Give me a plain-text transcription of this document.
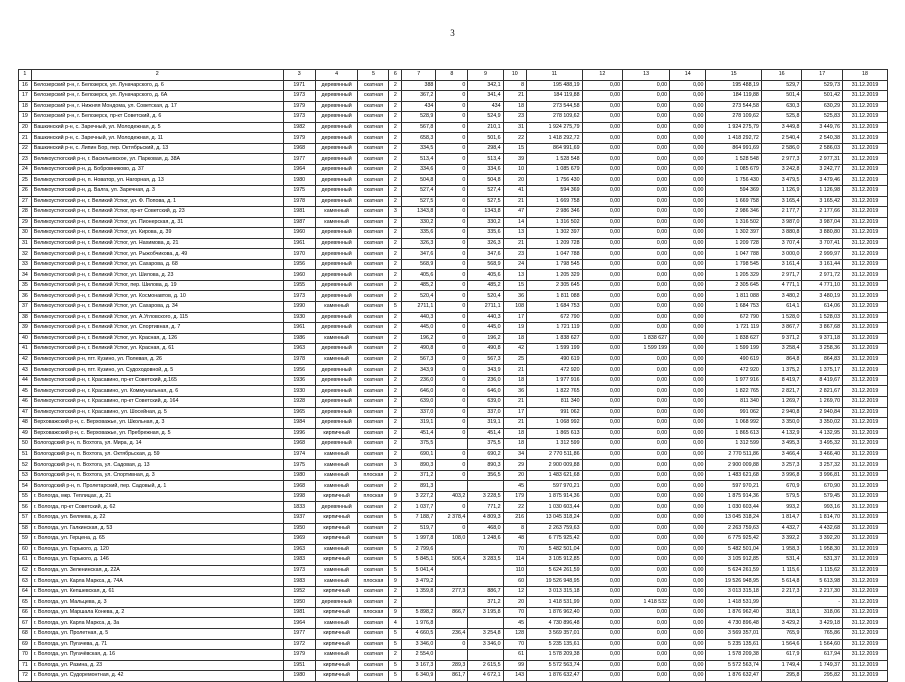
3
1	2	3	4	5	6	7	8	9	10	11	12	13	14	15	16	17	18
16	Белозерский р-н, г. Белозерск, ул. Луначарского, д. 6	1971	деревянный	скатная	2	388	0	342,1	8	195 488,19	0,00	0,00	0,00	195 488,19	529,7	529,73	31.12.2019
17	Белозерский р-н, г. Белозерск, ул. Луначарского, д. 6А	1973	деревянный	скатная	2	367,2	0	341,4	21	184 119,88	0,00	0,00	0,00	184 119,88	501,4	501,42	31.12.2019
18	Белозерский р-н, г. Нижняя Мондома, ул. Советская, д. 17	1979	деревянный	скатная	2	434	0	434	18	273 544,58	0,00	0,00	0,00	273 544,58	630,3	630,29	31.12.2019
19	Белозерский р-н, г. Белозерск, пр-кт Советский, д. 6	1973	деревянный	скатная	2	528,9	0	524,9	23	278 109,62	0,00	0,00	0,00	278 109,62	525,8	525,83	31.12.2019
20	Вашкинский р-н, с. Заречный, ул. Молодежная, д. 5	1982	деревянный	скатная	2	567,8	0	210,1	31	1 924 275,79	0,00	0,00	0,00	1 924 275,79	3 449,8	3 449,76	31.12.2019
21	Вашкинский р-н, с. Заречный, ул. Молодежная, д. 11	1979	деревянный	скатная	2	658,3	0	501,6	22	1 418 292,72	0,00	0,00	0,00	1 418 292,72	2 540,4	2 540,38	31.12.2019
22	Вашкинский р-н, с. Липин Бор, пер. Октябрьский, д. 13	1968	деревянный	скатная	2	334,5	0	298,4	15	864 991,69	0,00	0,00	0,00	864 991,69	2 586,0	2 586,03	31.12.2019
23	Великоустюгский р-н, г. Васильевское, ул. Парковая, д. 38А	1977	деревянный	скатная	2	513,4	0	513,4	39	1 528 548	0,00	0,00	0,00	1 528 548	2 977,3	2 977,31	31.12.2019
24	Великоустюгский р-н, д. Бобровниково, д. 37	1964	деревянный	скатная	2	334,6	0	334,6	10	1 085 679	0,00	0,00	0,00	1 085 679	3 242,8	3 242,77	31.12.2019
25	Великоустюгский р-н, п. Новатор, ул. Нагорная, д. 13	1980	деревянный	скатная	2	504,8	0	504,8	20	1 756 430	0,00	0,00	0,00	1 756 430	3 479,5	3 479,46	31.12.2019
26	Великоустюгский р-н, д. Валга, ул. Заречная, д. 3	1975	деревянный	скатная	2	527,4	0	527,4	41	594 369	0,00	0,00	0,00	594 369	1 126,9	1 126,98	31.12.2019
27	Великоустюгский р-н, г. Великий Устюг, ул. Ф. Попова, д. 1	1978	деревянный	скатная	2	527,5	0	527,5	21	1 669 758	0,00	0,00	0,00	1 669 758	3 165,4	3 165,42	31.12.2019
28	Великоустюгский р-н, г. Великий Устюг, пр-кт Советский, д. 23	1981	каменный	скатная	3	1343,8	0	1343,8	47	2 986 346	0,00	0,00	0,00	2 986 346	2 177,7	2 177,66	31.12.2019
29	Великоустюгский р-н, г. Великий Устюг, ул. Пионерская, д. 31	1987	каменный	скатная	2	330,2	0	330,2	14	1 316 502	0,00	0,00	0,00	1 316 502	3 987,0	3 987,04	31.12.2019
30	Великоустюгский р-н, г. Великий Устюг, ул. Кирова, д. 39	1960	деревянный	скатная	2	335,6	0	335,6	13	1 302 397	0,00	0,00	0,00	1 302 397	3 880,8	3 880,80	31.12.2019
31	Великоустюгский р-н, г. Великий Устюг, ул. Нахимова, д. 21	1961	деревянный	скатная	2	326,3	0	326,3	21	1 209 728	0,00	0,00	0,00	1 209 728	3 707,4	3 707,41	31.12.2019
32	Великоустюгский р-н, г. Великий Устюг, ул. Рыжобчикова, д. 49	1970	деревянный	скатная	2	347,6	0	347,6	23	1 047 788	0,00	0,00	0,00	1 047 788	3 000,0	2 999,97	31.12.2019
33	Великоустюгский р-н, г. Великий Устюг, ул. Сахарова, д. 68	1956	деревянный	скатная	2	568,9	0	568,9	24	1 798 545	0,00	0,00	0,00	1 798 545	3 161,4	3 161,44	31.12.2019
34	Великоустюгский р-н, г. Великий Устюг, ул. Шилова, д. 23	1960	деревянный	скатная	2	405,6	0	405,6	13	1 205 329	0,00	0,00	0,00	1 205 329	2 971,7	2 971,72	31.12.2019
35	Великоустюгский р-н, г. Великий Устюг, пер. Шилова, д. 19	1955	деревянный	скатная	2	485,2	0	485,2	15	2 305 645	0,00	0,00	0,00	2 305 645	4 771,1	4 771,10	31.12.2019
36	Великоустюгский р-н, г. Великий Устюг, ул. Космонавтов, д. 10	1973	деревянный	скатная	2	520,4	0	520,4	36	1 811 088	0,00	0,00	0,00	1 811 088	3 480,2	3 480,19	31.12.2019
37	Великоустюгский р-н, г. Великий Устюг, ул. Сахарова, д. 34	1990	каменный	скатная	5	2711,1	0	2711,1	108	1 684 753	0,00	0,00	0,00	1 684 753	614,1	614,06	31.12.2019
38	Великоустюгский р-н, г. Великий Устюг, ул. А.Угловского, д. 115	1930	деревянный	скатная	2	440,3	0	440,3	17	672 790	0,00	0,00	0,00	672 790	1 528,0	1 528,03	31.12.2019
39	Великоустюгский р-н, г. Великий Устюг, ул. Спортивная, д. 7	1961	деревянный	скатная	2	445,0	0	445,0	19	1 721 119	0,00	0,00	0,00	1 721 119	3 867,7	3 867,68	31.12.2019
40	Великоустюгский р-н, г. Великий Устюг, ул. Красная, д. 126	1986	каменный	скатная	2	196,2	0	196,2	18	1 838 627	0,00	1 838 627	0,00	1 838 627	9 371,2	9 371,18	31.12.2019
41	Великоустюгский р-н, г. Великий Устюг, ул. Красная, д. 61	1963	деревянный	скатная	2	490,8	0	490,8	42	1 599 199	0,00	1 599 199	0,00	1 599 199	3 258,4	3 258,36	31.12.2019
42	Великоустюгский р-н, пгт. Кузино, ул. Полевая, д. 26	1978	каменный	скатная	2	567,3	0	567,3	25	490 619	0,00	0,00	0,00	490 619	864,8	864,83	31.12.2019
43	Великоустюгский р-н, пгт. Кузино, ул. Судоходовной, д. 5	1956	деревянный	скатная	2	343,9	0	343,9	21	472 920	0,00	0,00	0,00	472 920	1 375,2	1 375,17	31.12.2019
44	Великоустюгский р-н, г. Красавино, пр-кт Советский, д.165	1936	деревянный	скатная	2	236,0	0	236,0	18	1 977 916	0,00	0,00	0,00	1 977 916	8 419,7	8 419,67	31.12.2019
45	Великоустюгский р-н, г. Красавино, ул. Коммунальная, д. 6	1930	деревянный	скатная	2	646,0	0	646,0	36	1 822 765	0,00	0,00	0,00	1 822 765	2 821,7	2 821,67	31.12.2019
46	Великоустюгский р-н, г. Красавино, пр-кт Советский, д. 164	1928	деревянный	скатная	2	639,0	0	639,0	21	811 340	0,00	0,00	0,00	811 340	1 269,7	1 269,70	31.12.2019
47	Великоустюгский р-н, г. Красавино, ул. Шосейная, д. 5	1965	деревянный	скатная	2	337,0	0	337,0	17	991 062	0,00	0,00	0,00	991 062	2 940,8	2 940,84	31.12.2019
48	Верховажский р-н, с. Верховажье, ул. Школьная, д. 3	1984	деревянный	скатная	2	319,1	0	319,1	21	1 068 992	0,00	0,00	0,00	1 068 992	3 350,0	3 350,02	31.12.2019
49	Верховажский р-н, с. Верховажье, ул. Пребрежная, д. 5	1996	кирпичный	скатная	2	451,4	0	451,4	18	1 865 613	0,00	0,00	0,00	1 865 613	4 132,9	4 132,95	31.12.2019
50	Вологодский р-н, п. Вохтога, ул. Мира, д. 14	1968	деревянный	скатная	2	375,5		375,5	18	1 312 599	0,00	0,00	0,00	1 312 599	3 495,3	3 495,32	31.12.2019
51	Вологодский р-н, п. Вохтога, ул. Октябрьская, д. 59	1974	каменный	скатная	2	690,1	0	690,2	34	2 770 511,86	0,00	0,00	0,00	2 770 511,86	3 466,4	3 466,40	31.12.2019
52	Вологодский р-н, п. Вохтога, ул. Садовая, д. 13	1975	каменный	скатная	3	890,3	0	890,3	29	2 900 009,88	0,00	0,00	0,00	2 900 009,88	3 257,3	3 257,32	31.12.2019
53	Вологодский р-н, п. Вохтога, ул. Спортивная, д. 3	1980	каменный	плоская	2	371,2	0	356,5	20	1 483 621,68	0,00	0,00	0,00	1 483 621,68	3 996,8	3 996,81	31.12.2019
54	Вологодский р-н, п. Пролетарский, пер. Садовый, д. 1	1968	каменный	скатная	2	891,3			45	597 970,21	0,00	0,00	0,00	597 970,21	670,9	670,90	31.12.2019
55	г. Вологда, мкр. Теплицах, д. 21	1998	кирпичный	плоская	9	3 227,2	403,2	3 228,5	179	1 875 914,36	0,00	0,00	0,00	1 875 914,36	579,5	579,45	31.12.2019
56	г. Вологда, пр-кт Советский, д. 62	1833	деревянный	скатная	2	1 037,7	0	771,2	22	1 030 603,44	0,00	0,00	0,00	1 030 603,44	993,2	993,16	31.12.2019
57	г. Вологда, ул. Беляева, д. 22	1937	кирпичный	скатная	5	7 188,7	2 378,4	4 809,3	216	13 045 318,24	0,00	0,00	0,00	13 045 318,24	1 814,7	1 814,70	31.12.2019
58	г. Вологда, ул. Галкинская, д. 53	1950	кирпичный	скатная	2	519,7	0	468,0	8	2 263 759,63	0,00	0,00	0,00	2 263 759,63	4 432,7	4 432,68	31.12.2019
59	г. Вологда, ул. Герцена, д. 65	1969	кирпичный	скатная	5	1 997,8	108,0	1 248,6	48	6 775 925,42	0,00	0,00	0,00	6 775 925,42	3 392,2	3 392,20	31.12.2019
60	г. Вологда, ул. Горького, д. 120	1963	каменный	скатная	5	2 799,6			70	5 482 501,04	0,00	0,00	0,00	5 482 501,04	1 958,3	1 958,30	31.12.2019
61	г. Вологда, ул. Горького, д. 146	1983	кирпичный	скатная	5	5 845,1	506,4	3 283,5	114	3 105 912,85	0,00	0,00	0,00	3 105 912,85	531,4	531,37	31.12.2019
62	г. Вологда, ул. Зеленинская, д. 22А	1973	каменный	скатная	5	5 041,4			110	5 624 261,59	0,00	0,00	0,00	5 624 261,59	1 115,6	1 115,62	31.12.2019
63	г. Вологда, ул. Карла Маркса, д. 74А	1983	каменный	плоская	9	3 479,2			60	19 526 948,95	0,00	0,00	0,00	19 526 948,95	5 614,8	5 613,98	31.12.2019
64	г. Вологда, ул. Кепшевская, д. 61	1952	кирпичный	скатная	2	1 359,8	277,3	886,7	12	3 013 315,18	0,00	0,00	0,00	3 013 315,18	2 217,3	2 217,30	31.12.2019
65	г. Вологда, ул. Мальцева, д. 3	1950	деревянный	скатная	2			371,2	20	1 418 531,99	0,00	1 418 532	0,00	1 418 531,99		-	31.12.2019
66	г. Вологда, ул. Маршала Конева, д. 2	1981	кирпичный	плоская	9	5 898,2	866,7	3 195,8	70	1 876 962,40	0,00	0,00	0,00	1 876 962,40	318,1	318,06	31.12.2019
67	г. Вологда, ул. Карла Маркса, д. 3а	1964	каменный	скатная	4	1 976,8			45	4 730 896,48	0,00	0,00	0,00	4 730 896,48	3 429,2	3 429,18	31.12.2019
68	г. Вологда, ул. Пролетная, д. 5	1977	кирпичный	скатная	5	4 660,5	236,4	3 254,8	128	3 569 357,01	0,00	0,00	0,00	3 569 357,01	765,9	765,86	31.12.2019
69	г. Вологда, ул. Пугачева, д. 71	1972	кирпичный	скатная	5	3 346,0	0	3 346,0	70	5 235 135,61	0,00	0,00	0,00	5 235 135,61	1 564,6	1 564,60	31.12.2019
70	г. Вологда, ул. Пугачёвская, д. 16	1979	каменный	скатная	2	2 554,0			61	1 578 209,38	0,00	0,00	0,00	1 578 209,38	617,9	617,94	31.12.2019
71	г. Вологда, ул. Разина, д. 23	1951	кирпичный	скатная	5	3 167,3	289,3	2 615,5	99	5 572 563,74	0,00	0,00	0,00	5 572 563,74	1 749,4	1 749,37	31.12.2019
72	г. Вологда, ул. Судоремонтная, д. 42	1980	кирпичный	скатная	5	6 340,9	861,7	4 672,1	143	1 876 632,47	0,00	0,00	0,00	1 876 632,47	295,8	295,82	31.12.2019
